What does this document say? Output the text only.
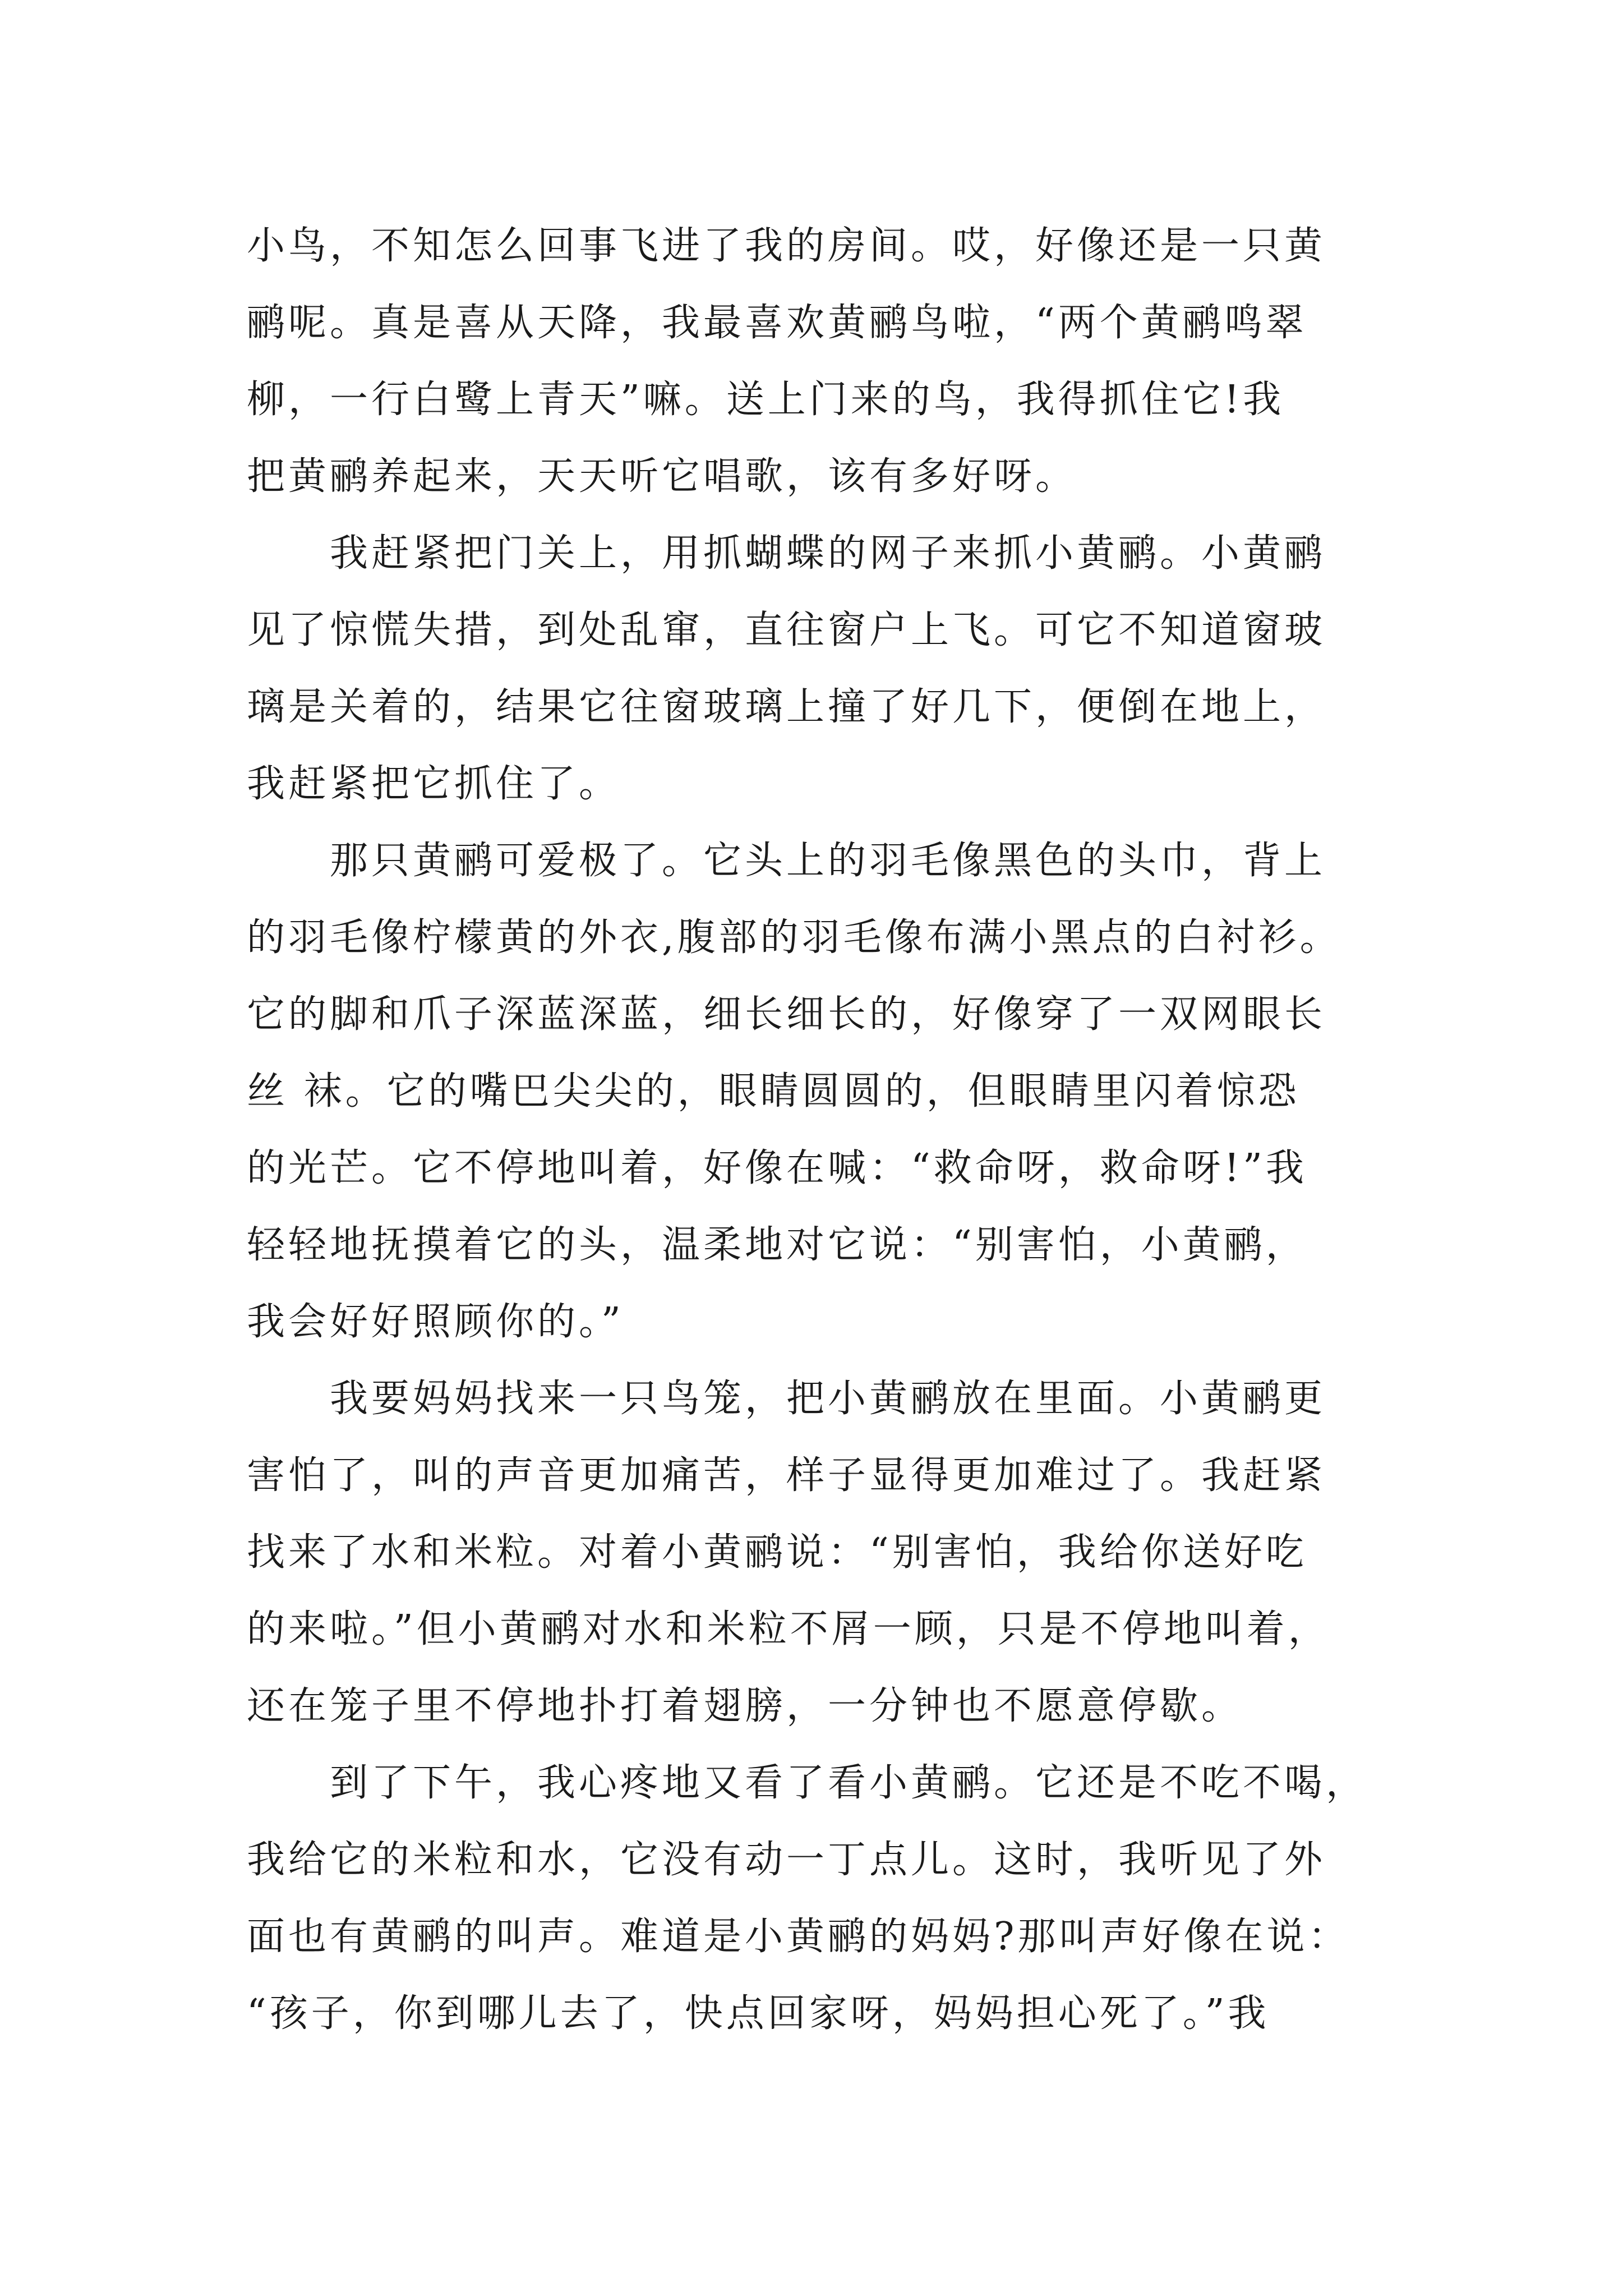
小鸟，不知怎么回事飞进了我的房间。哎，好像还是一只黄
鹂呢。真是喜从天降，我最喜欢黄鹂鸟啦，“两个黄鹂鸣翠
柳，一行白鹭上青天”嘛。送上门来的鸟，我得抓住它!我
把黄鹂养起来，天天听它唱歌，该有多好呀。
我赶紧把门关上，用抓蝴蝶的网子来抓小黄鹂。小黄鹂
见了惊慌失措，到处乱窜，直往窗户上飞。可它不知道窗玻
璃是关着的，结果它往窗玻璃上撞了好几下，便倒在地上，
我赶紧把它抓住了。
那只黄鹂可爱极了。它头上的羽毛像黑色的头巾，背上
的羽毛像柠檬黄的外衣,腹部的羽毛像布满小黑点的白衬衫。
它的脚和爪子深蓝深蓝，细长细长的，好像穿了一双网眼长
丝 袜。它的嘴巴尖尖的，眼睛圆圆的，但眼睛里闪着惊恐
的光芒。它不停地叫着，好像在喊：“救命呀，救命呀!”我
轻轻地抚摸着它的头，温柔地对它说：“别害怕，小黄鹂，
我会好好照顾你的。”
我要妈妈找来一只鸟笼，把小黄鹂放在里面。小黄鹂更
害怕了，叫的声音更加痛苦，样子显得更加难过了。我赶紧
找来了水和米粒。对着小黄鹂说：“别害怕，我给你送好吃
的来啦。”但小黄鹂对水和米粒不屑一顾，只是不停地叫着，
还在笼子里不停地扑打着翅膀，一分钟也不愿意停歇。
到了下午，我心疼地又看了看小黄鹂。它还是不吃不喝，
我给它的米粒和水，它没有动一丁点儿。这时，我听见了外
面也有黄鹂的叫声。难道是小黄鹂的妈妈?那叫声好像在说：
“孩子，你到哪儿去了，快点回家呀，妈妈担心死了。”我
